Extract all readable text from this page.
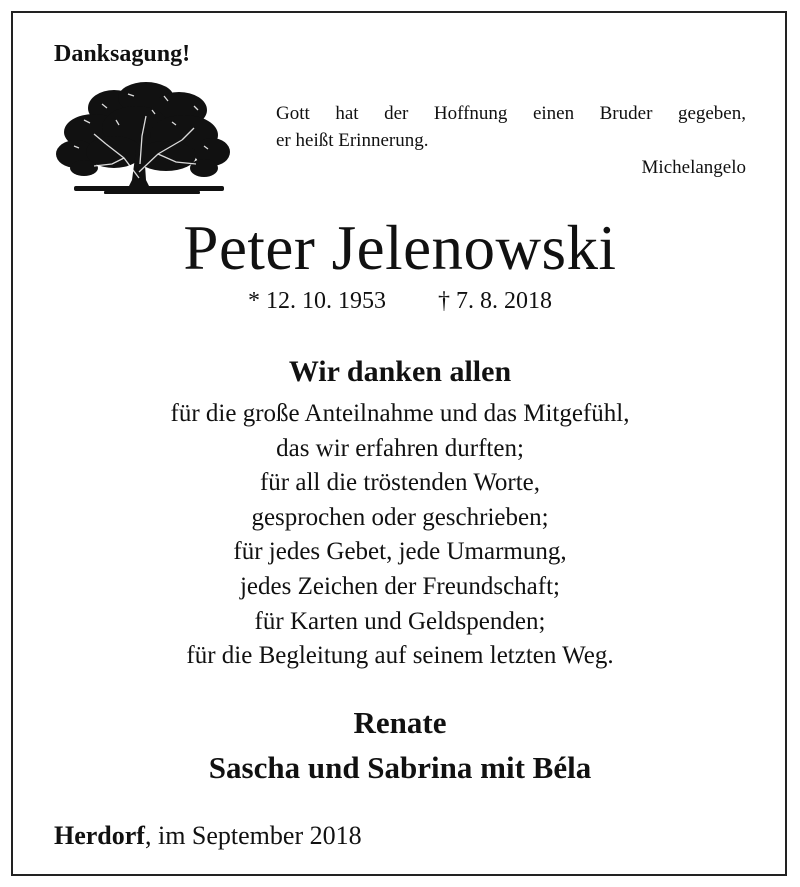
Danksagung!
Gott hat der Hoffnung einen Bruder gegeben,
er heißt Erinnerung.
Michelangelo
Peter Jelenowski
* 12. 10. 1953 † 7. 8. 2018
Wir danken allen
für die große Anteilnahme und das Mitgefühl,
das wir erfahren durften;
für all die tröstenden Worte,
gesprochen oder geschrieben;
für jedes Gebet, jede Umarmung,
jedes Zeichen der Freundschaft;
für Karten und Geldspenden;
für die Begleitung auf seinem letzten Weg.
Renate
Sascha und Sabrina mit Béla
Herdorf, im September 2018
